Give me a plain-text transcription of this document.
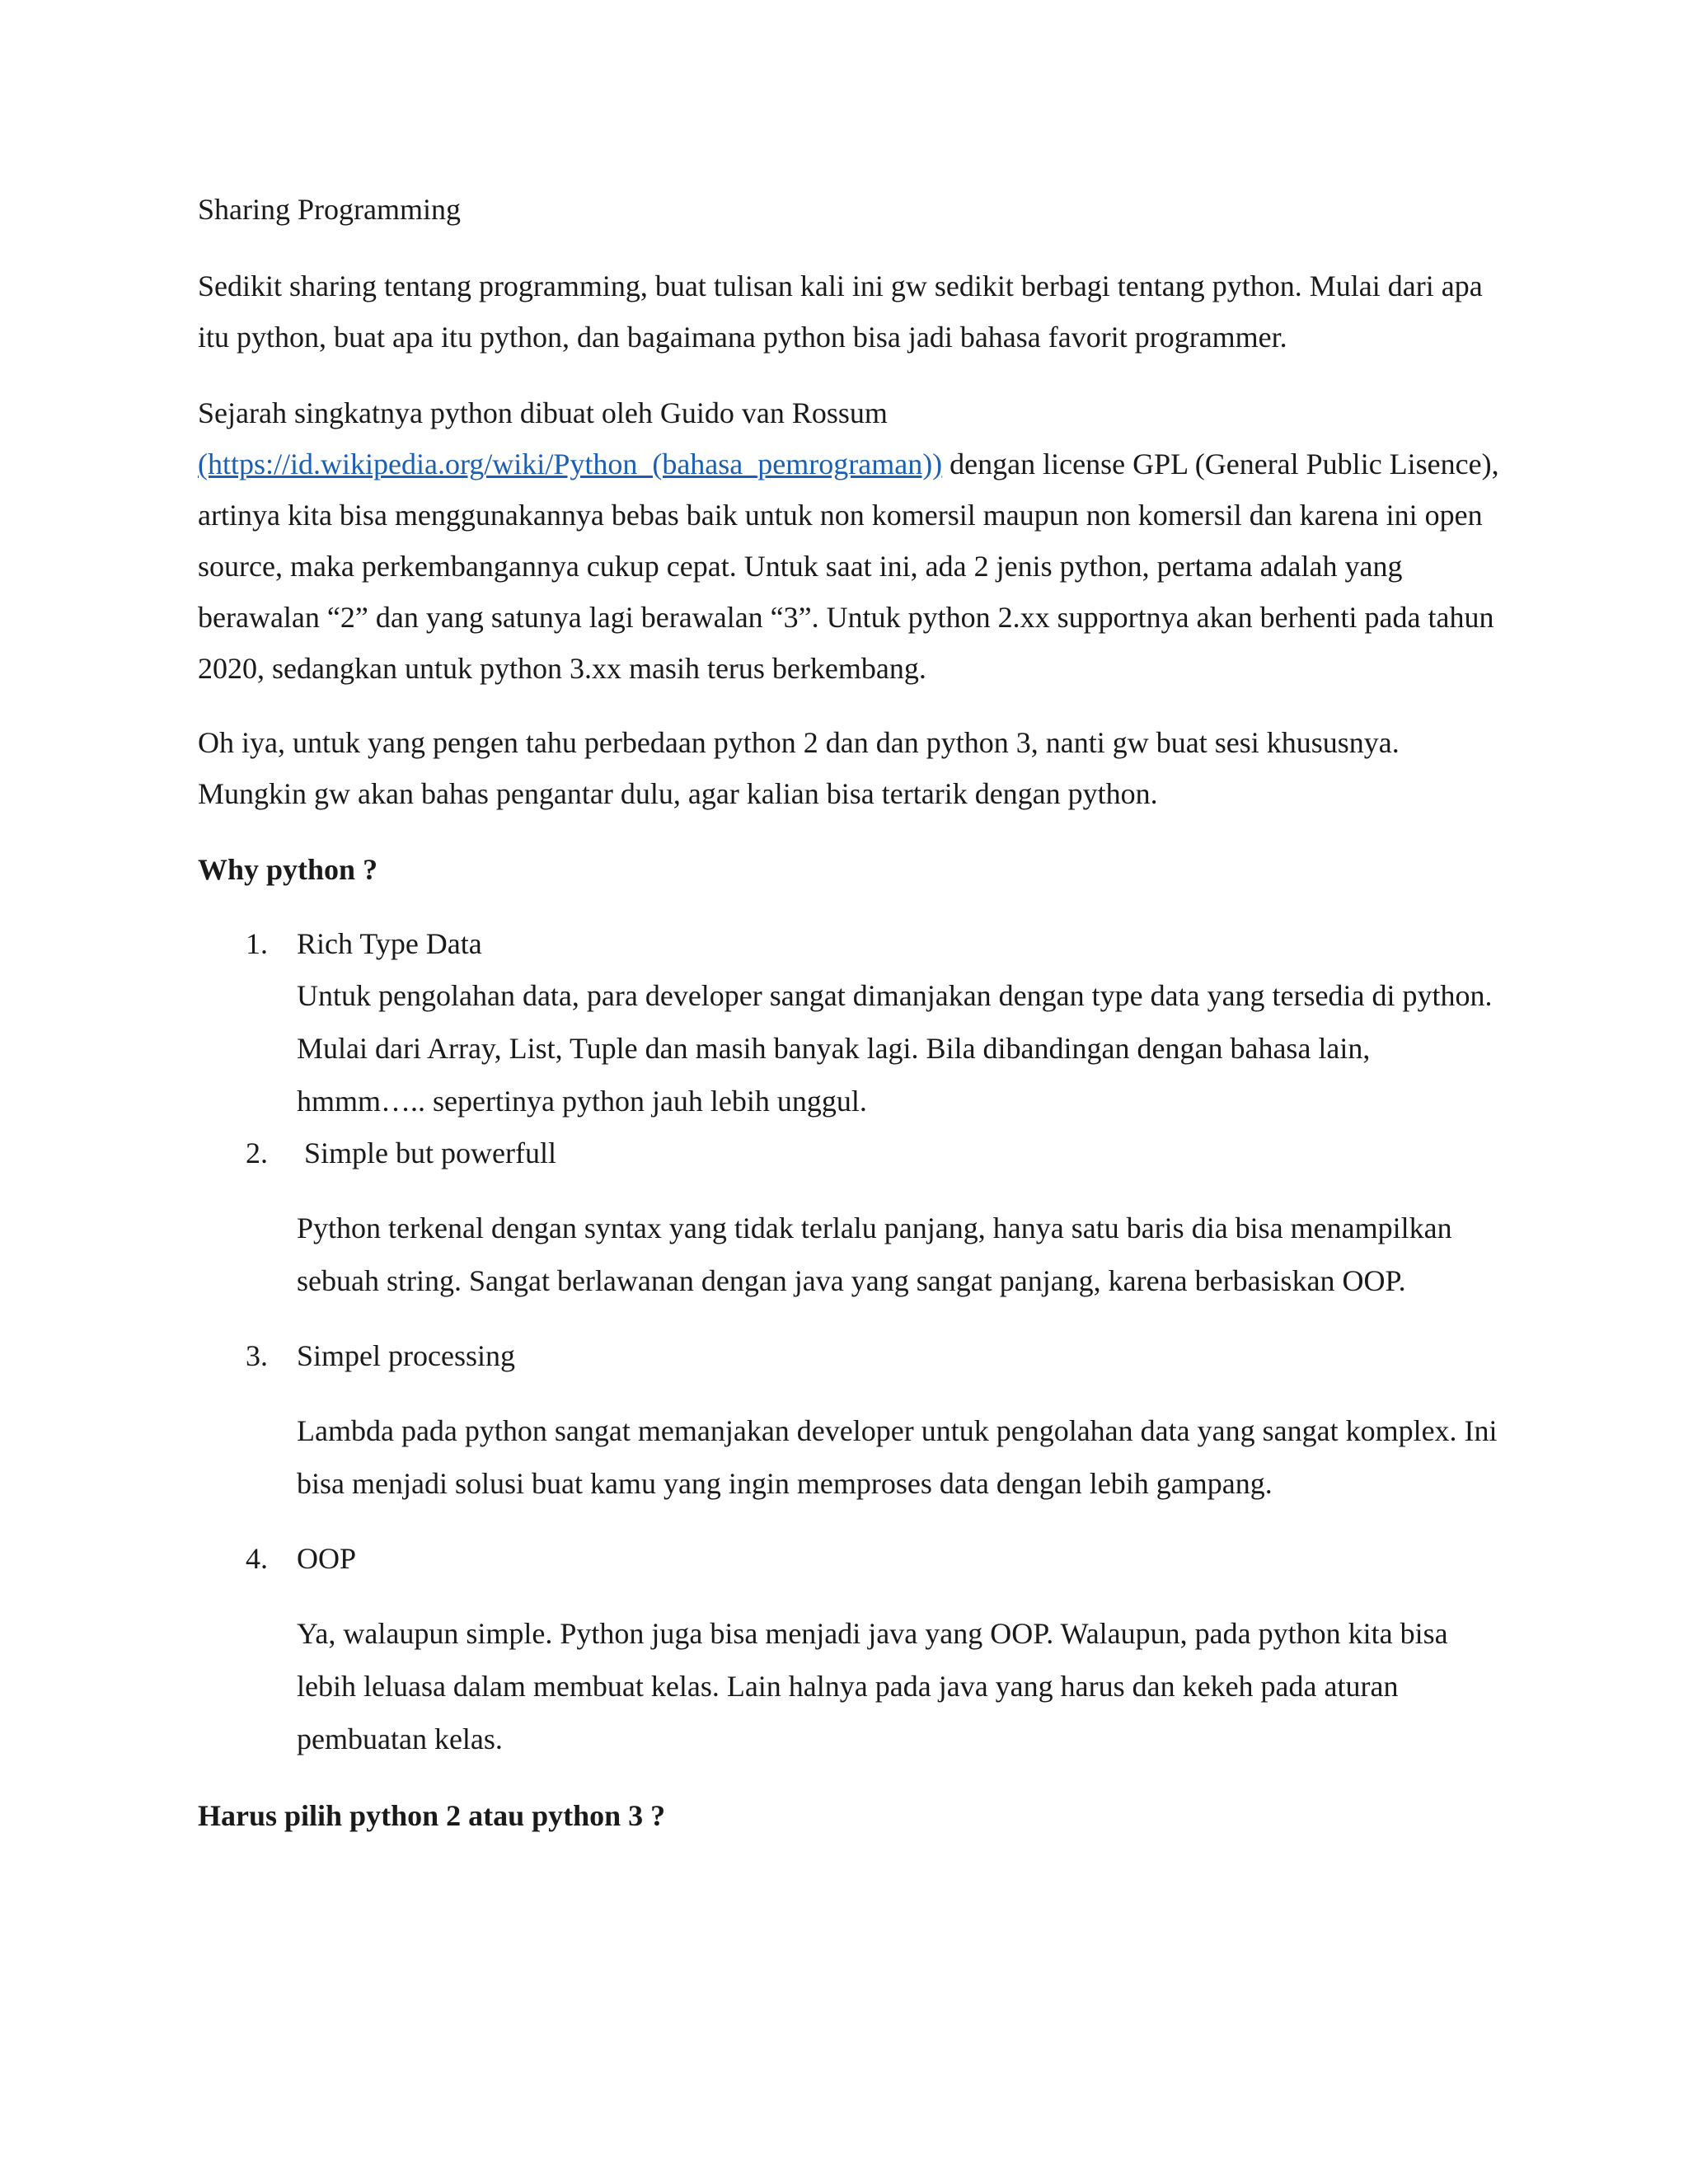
Sharing Programming

Sedikit sharing tentang programming, buat tulisan kali ini gw sedikit berbagi tentang python. Mulai dari apa itu python, buat apa itu python, dan bagaimana python bisa jadi bahasa favorit programmer.

Sejarah singkatnya python dibuat oleh Guido van Rossum

(https://id.wikipedia.org/wiki/Python_(bahasa_pemrograman)) dengan license GPL (General Public Lisence), artinya kita bisa menggunakannya bebas baik untuk non komersil maupun non komersil dan karena ini open source, maka perkembangannya cukup cepat. Untuk saat ini, ada 2 jenis python, pertama adalah yang berawalan “2” dan yang satunya lagi berawalan “3”. Untuk python 2.xx supportnya akan berhenti pada tahun 2020, sedangkan untuk python 3.xx masih terus berkembang.

Oh iya, untuk yang pengen tahu perbedaan python 2 dan dan python 3, nanti gw buat sesi khususnya. Mungkin gw akan bahas pengantar dulu, agar kalian bisa tertarik dengan python.

Why python ?

1. Rich Type Data

Untuk pengolahan data, para developer sangat dimanjakan dengan type data yang tersedia di python. Mulai dari Array, List, Tuple dan masih banyak lagi. Bila dibandingan dengan bahasa lain, hmmm….. sepertinya python jauh lebih unggul.

2. Simple but powerfull

Python terkenal dengan syntax yang tidak terlalu panjang, hanya satu baris dia bisa menampilkan sebuah string. Sangat berlawanan dengan java yang sangat panjang, karena berbasiskan OOP.

3. Simpel processing

Lambda pada python sangat memanjakan developer untuk pengolahan data yang sangat komplex. Ini bisa menjadi solusi buat kamu yang ingin memproses data dengan lebih gampang.

4. OOP

Ya, walaupun simple. Python juga bisa menjadi java yang OOP. Walaupun, pada python kita bisa lebih leluasa dalam membuat kelas. Lain halnya pada java yang harus dan kekeh pada aturan pembuatan kelas.

Harus pilih python 2 atau python 3 ?
